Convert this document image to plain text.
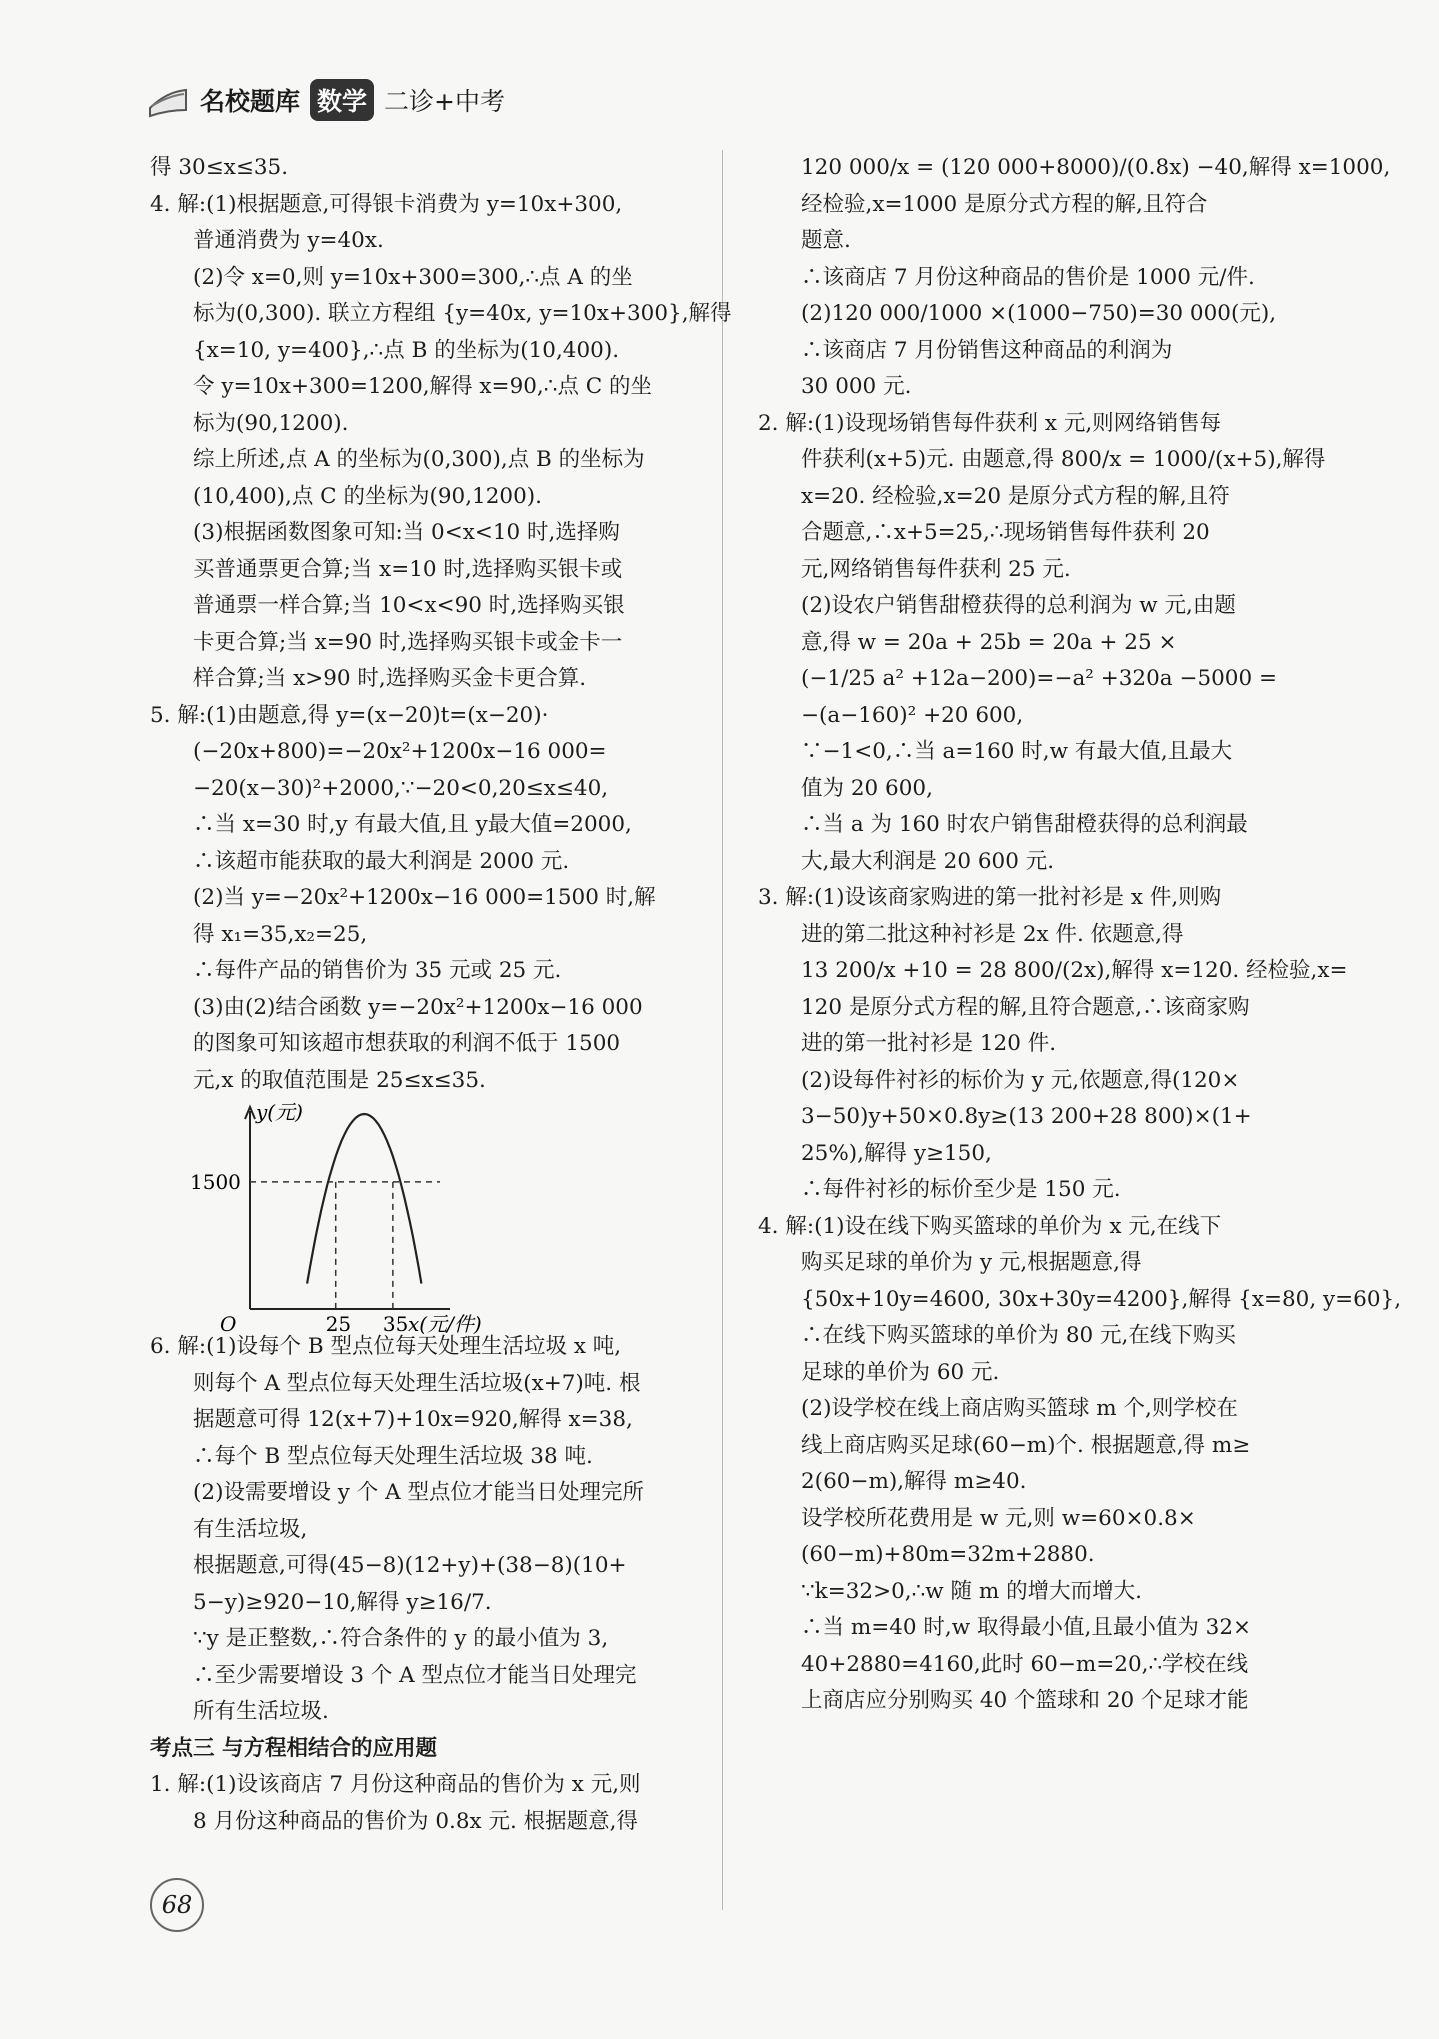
名校题库 数学 二诊+中考
得 30≤x≤35.
4. 解:(1)根据题意,可得银卡消费为 y=10x+300,
普通消费为 y=40x.
(2)令 x=0,则 y=10x+300=300,∴点 A 的坐
标为(0,300). 联立方程组 {y=40x, y=10x+300},解得
{x=10, y=400},∴点 B 的坐标为(10,400).
令 y=10x+300=1200,解得 x=90,∴点 C 的坐
标为(90,1200).
综上所述,点 A 的坐标为(0,300),点 B 的坐标为
(10,400),点 C 的坐标为(90,1200).
(3)根据函数图象可知:当 0<x<10 时,选择购
买普通票更合算;当 x=10 时,选择购买银卡或
普通票一样合算;当 10<x<90 时,选择购买银
卡更合算;当 x=90 时,选择购买银卡或金卡一
样合算;当 x>90 时,选择购买金卡更合算.
5. 解:(1)由题意,得 y=(x−20)t=(x−20)·
(−20x+800)=−20x²+1200x−16 000=
−20(x−30)²+2000,∵−20<0,20≤x≤40,
∴当 x=30 时,y 有最大值,且 y最大值=2000,
∴该超市能获取的最大利润是 2000 元.
(2)当 y=−20x²+1200x−16 000=1500 时,解
得 x₁=35,x₂=25,
∴每件产品的销售价为 35 元或 25 元.
(3)由(2)结合函数 y=−20x²+1200x−16 000
的图象可知该超市想获取的利润不低于 1500
元,x 的取值范围是 25≤x≤35.
y(元)
x(元/件)
O
1500
25 35
6. 解:(1)设每个 B 型点位每天处理生活垃圾 x 吨,
则每个 A 型点位每天处理生活垃圾(x+7)吨. 根
据题意可得 12(x+7)+10x=920,解得 x=38,
∴每个 B 型点位每天处理生活垃圾 38 吨.
(2)设需要增设 y 个 A 型点位才能当日处理完所
有生活垃圾,
根据题意,可得(45−8)(12+y)+(38−8)(10+
5−y)≥920−10,解得 y≥16/7.
∵y 是正整数,∴符合条件的 y 的最小值为 3,
∴至少需要增设 3 个 A 型点位才能当日处理完
所有生活垃圾.
考点三 与方程相结合的应用题
1. 解:(1)设该商店 7 月份这种商品的售价为 x 元,则
8 月份这种商品的售价为 0.8x 元. 根据题意,得
120 000/x = (120 000+8000)/(0.8x) −40,解得 x=1000,
经检验,x=1000 是原分式方程的解,且符合
题意.
∴该商店 7 月份这种商品的售价是 1000 元/件.
(2)120 000/1000 ×(1000−750)=30 000(元),
∴该商店 7 月份销售这种商品的利润为
30 000 元.
2. 解:(1)设现场销售每件获利 x 元,则网络销售每
件获利(x+5)元. 由题意,得 800/x = 1000/(x+5),解得
x=20. 经检验,x=20 是原分式方程的解,且符
合题意,∴x+5=25,∴现场销售每件获利 20
元,网络销售每件获利 25 元.
(2)设农户销售甜橙获得的总利润为 w 元,由题
意,得 w = 20a + 25b = 20a + 25 ×
(−1/25 a² +12a−200)=−a² +320a −5000 =
−(a−160)² +20 600,
∵−1<0,∴当 a=160 时,w 有最大值,且最大
值为 20 600,
∴当 a 为 160 时农户销售甜橙获得的总利润最
大,最大利润是 20 600 元.
3. 解:(1)设该商家购进的第一批衬衫是 x 件,则购
进的第二批这种衬衫是 2x 件. 依题意,得
13 200/x +10 = 28 800/(2x),解得 x=120. 经检验,x=
120 是原分式方程的解,且符合题意,∴该商家购
进的第一批衬衫是 120 件.
(2)设每件衬衫的标价为 y 元,依题意,得(120×
3−50)y+50×0.8y≥(13 200+28 800)×(1+
25%),解得 y≥150,
∴每件衬衫的标价至少是 150 元.
4. 解:(1)设在线下购买篮球的单价为 x 元,在线下
购买足球的单价为 y 元,根据题意,得
{50x+10y=4600, 30x+30y=4200},解得 {x=80, y=60},
∴在线下购买篮球的单价为 80 元,在线下购买
足球的单价为 60 元.
(2)设学校在线上商店购买篮球 m 个,则学校在
线上商店购买足球(60−m)个. 根据题意,得 m≥
2(60−m),解得 m≥40.
设学校所花费用是 w 元,则 w=60×0.8×
(60−m)+80m=32m+2880.
∵k=32>0,∴w 随 m 的增大而增大.
∴当 m=40 时,w 取得最小值,且最小值为 32×
40+2880=4160,此时 60−m=20,∴学校在线
上商店应分别购买 40 个篮球和 20 个足球才能
68
